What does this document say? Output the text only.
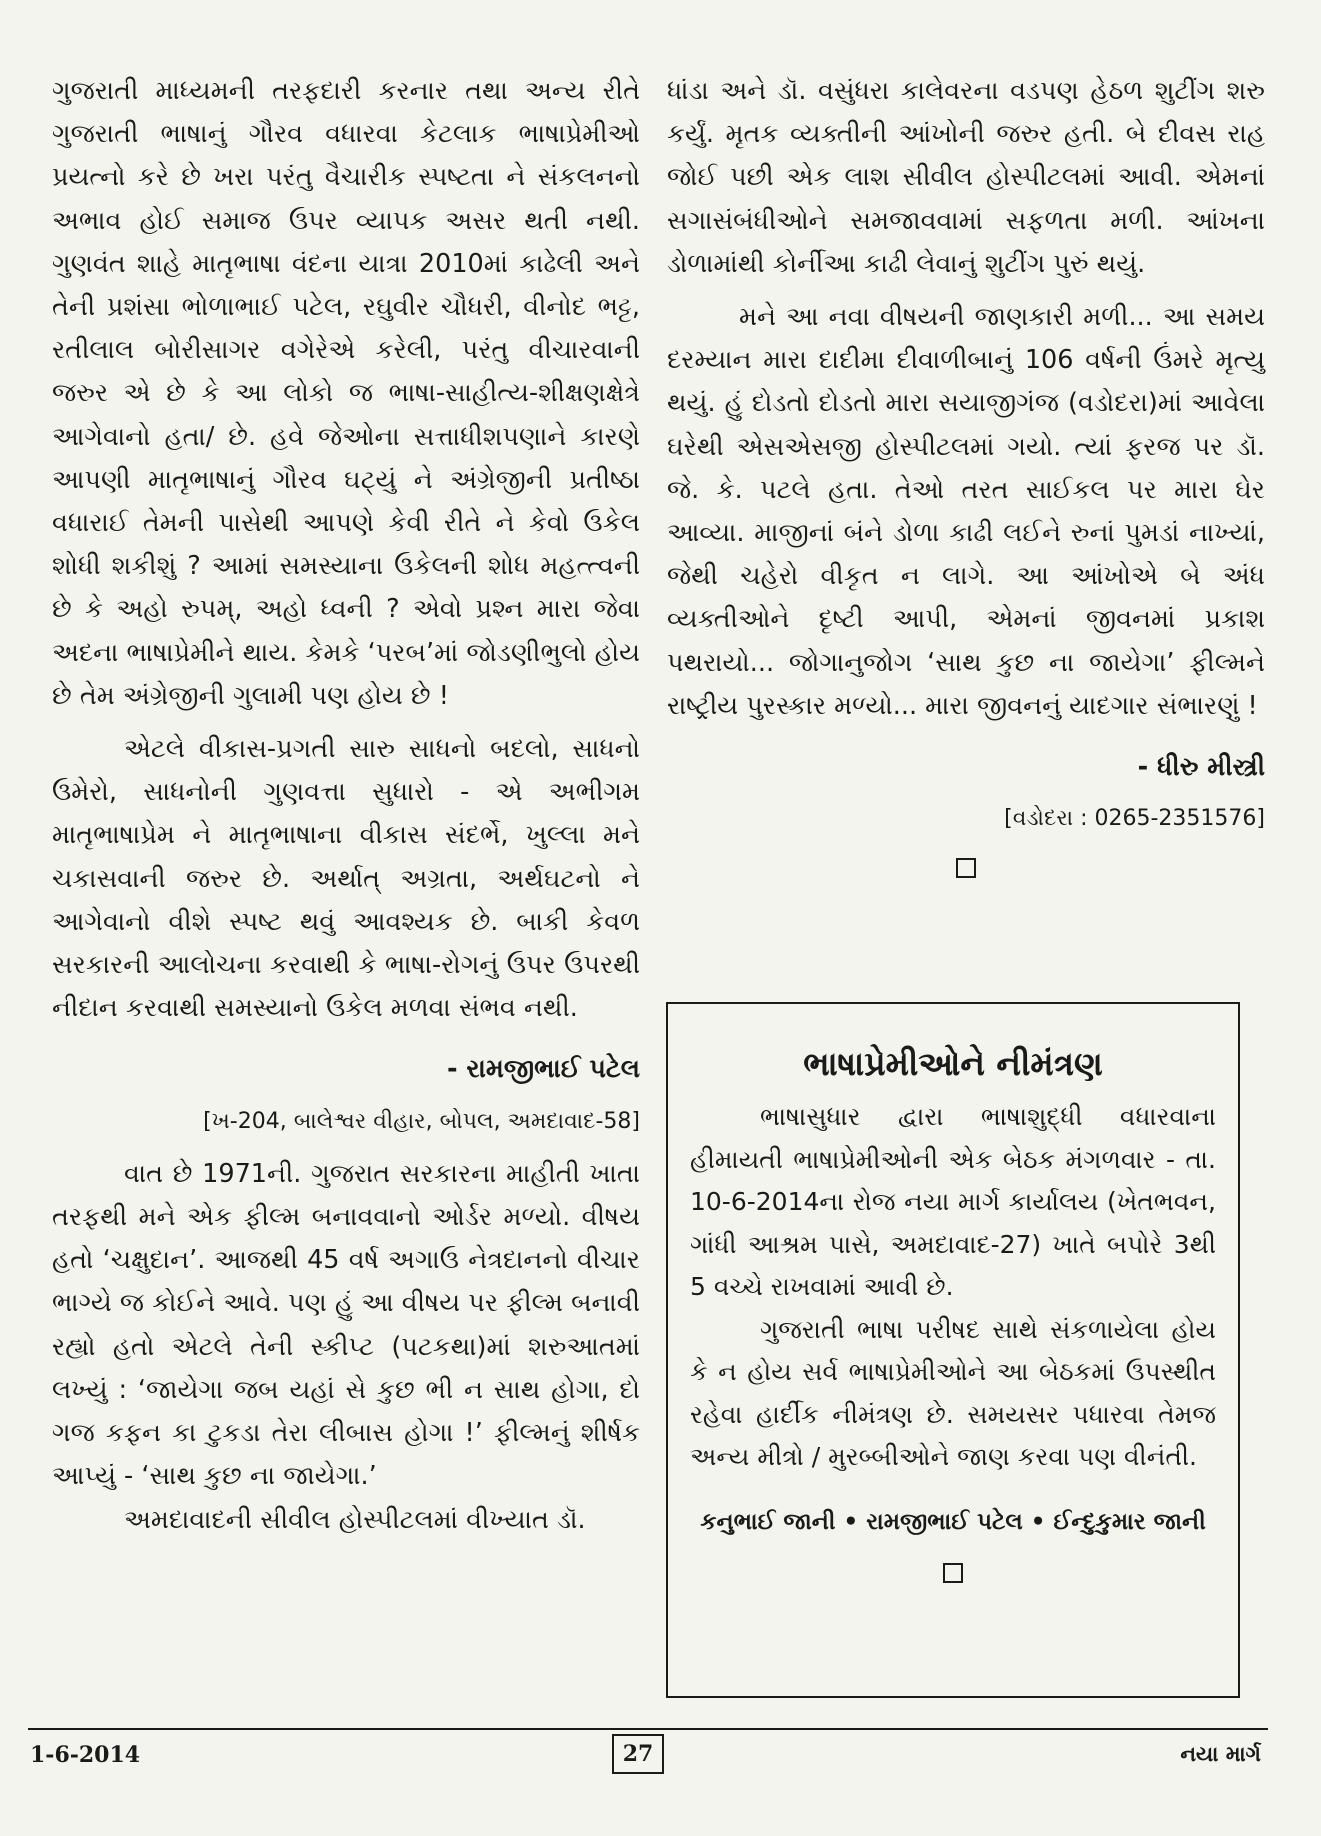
ગુજરાતી માધ્યમની તરફદારી કરનાર તથા અન્ય રીતે ગુજરાતી ભાષાનું ગૌરવ વધારવા કેટલાક ભાષાપ્રેમીઓ પ્રયત્નો કરે છે ખરા પરંતુ વૈચારીક સ્પષ્ટતા ને સંકલનનો અભાવ હોઈ સમાજ ઉપર વ્યાપક અસર થતી નથી. ગુણવંત શાહે માતૃભાષા વંદના યાત્રા 2010માં કાઢેલી અને તેની પ્રશંસા ભોળાભાઈ પટેલ, રઘુવીર ચૌધરી, વીનોદ ભટ્ટ, રતીલાલ બોરીસાગર વગેરેએ કરેલી, પરંતુ વીચારવાની જરુર એ છે કે આ લોકો જ ભાષા-સાહીત્ય-શીક્ષણક્ષેત્રે આગેવાનો હતા/ છે. હવે જેઓના સત્તાધીશપણાને કારણે આપણી માતૃભાષાનું ગૌરવ ઘટ્યું ને અંગ્રેજીની પ્રતીષ્ઠા વધારાઈ તેમની પાસેથી આપણે કેવી રીતે ને કેવો ઉકેલ શોધી શકીશું ? આમાં સમસ્યાના ઉકેલની શોધ મહત્ત્વની છે કે અહો રુપમ્, અહો ધ્વની ? એવો પ્રશ્ન મારા જેવા અદના ભાષાપ્રેમીને થાય. કેમકે ‘પરબ’માં જોડણીભુલો હોય છે તેમ અંગ્રેજીની ગુલામી પણ હોય છે !

એટલે વીકાસ-પ્રગતી સારુ સાધનો બદલો, સાધનો ઉમેરો, સાધનોની ગુણવત્તા સુધારો - એ અભીગમ માતૃભાષાપ્રેમ ને માતૃભાષાના વીકાસ સંદર્ભે, ખુલ્લા મને ચકાસવાની જરુર છે. અર્થાત્ અગ્રતા, અર્થઘટનો ને આગેવાનો વીશે સ્પષ્ટ થવું આવશ્યક છે. બાકી કેવળ સરકારની આલોચના કરવાથી કે ભાષા-રોગનું ઉપર ઉપરથી નીદાન કરવાથી સમસ્યાનો ઉકેલ મળવા સંભવ નથી.

- રામજીભાઈ પટેલ
[ખ-204, બાલેશ્વર વીહાર, બોપલ, અમદાવાદ-58]

વાત છે 1971ની. ગુજરાત સરકારના માહીતી ખાતા તરફથી મને એક ફીલ્મ બનાવવાનો ઓર્ડર મળ્યો. વીષય હતો ‘ચક્ષુદાન’. આજથી 45 વર્ષ અગાઉ નેત્રદાનનો વીચાર ભાગ્યે જ કોઈને આવે. પણ હું આ વીષય પર ફીલ્મ બનાવી રહ્યો હતો એટલે તેની સ્કીપ્ટ (પટકથા)માં શરુઆતમાં લખ્યું : ‘જાયેગા જબ યહાં સે કુછ ભી ન સાથ હોગા, દો ગજ કફન કા ટુકડા તેરા લીબાસ હોગા !’ ફીલ્મનું શીર્ષક આપ્યું - ‘સાથ કુછ ના જાયેગા.’

અમદાવાદની સીવીલ હોસ્પીટલમાં વીખ્યાત ડૉ.

ધાંડા અને ડૉ. વસુંધરા કાલેવરના વડપણ હેઠળ શુટીંગ શરુ કર્યું. મૃતક વ્યક્તીની આંખોની જરુર હતી. બે દીવસ રાહ જોઈ પછી એક લાશ સીવીલ હોસ્પીટલમાં આવી. એમનાં સગાસંબંધીઓને સમજાવવામાં સફળતા મળી. આંખના ડોળામાંથી કોર્નીઆ કાઢી લેવાનું શુટીંગ પુરું થયું.

મને આ નવા વીષયની જાણકારી મળી... આ સમય દરમ્યાન મારા દાદીમા દીવાળીબાનું 106 વર્ષની ઉંમરે મૃત્યુ થયું. હું દોડતો દોડતો મારા સયાજીગંજ (વડોદરા)માં આવેલા ઘરેથી એસએસજી હોસ્પીટલમાં ગયો. ત્યાં ફરજ પર ડૉ. જે. કે. પટલે હતા. તેઓ તરત સાઈકલ પર મારા ઘેર આવ્યા. માજીનાં બંને ડોળા કાઢી લઈને રુનાં પુમડાં નાખ્યાં, જેથી ચહેરો વીકૃત ન લાગે. આ આંખોએ બે અંધ વ્યક્તીઓને દૃષ્ટી આપી, એમનાં જીવનમાં પ્રકાશ પથરાયો... જોગાનુજોગ ‘સાથ કુછ ના જાયેગા’ ફીલ્મને રાષ્ટ્રીય પુરસ્કાર મળ્યો... મારા જીવનનું યાદગાર સંભારણું !

- ધીરુ મીસ્ત્રી
[વડોદરા : 0265-2351576]
ભાષાપ્રેમીઓને નીમંત્રણ

ભાષાસુધાર દ્વારા ભાષાશુદ્ધી વધારવાના હીમાયતી ભાષાપ્રેમીઓની એક બેઠક મંગળવાર - તા. 10-6-2014ના રોજ નયા માર્ગ કાર્યાલય (ખેતભવન, ગાંધી આશ્રમ પાસે, અમદાવાદ-27) ખાતે બપોરે 3થી 5 વચ્ચે રાખવામાં આવી છે.

ગુજરાતી ભાષા પરીષદ સાથે સંકળાયેલા હોય કે ન હોય સર્વ ભાષાપ્રેમીઓને આ બેઠકમાં ઉપસ્થીત રહેવા હાર્દીક નીમંત્રણ છે. સમયસર પધારવા તેમજ અન્ય મીત્રો / મુરબ્બીઓને જાણ કરવા પણ વીનંતી.

કનુભાઈ જાની • રામજીભાઈ પટેલ • ઈન્દુકુમાર જાની
1-6-2014	27	નયા માર્ગ
